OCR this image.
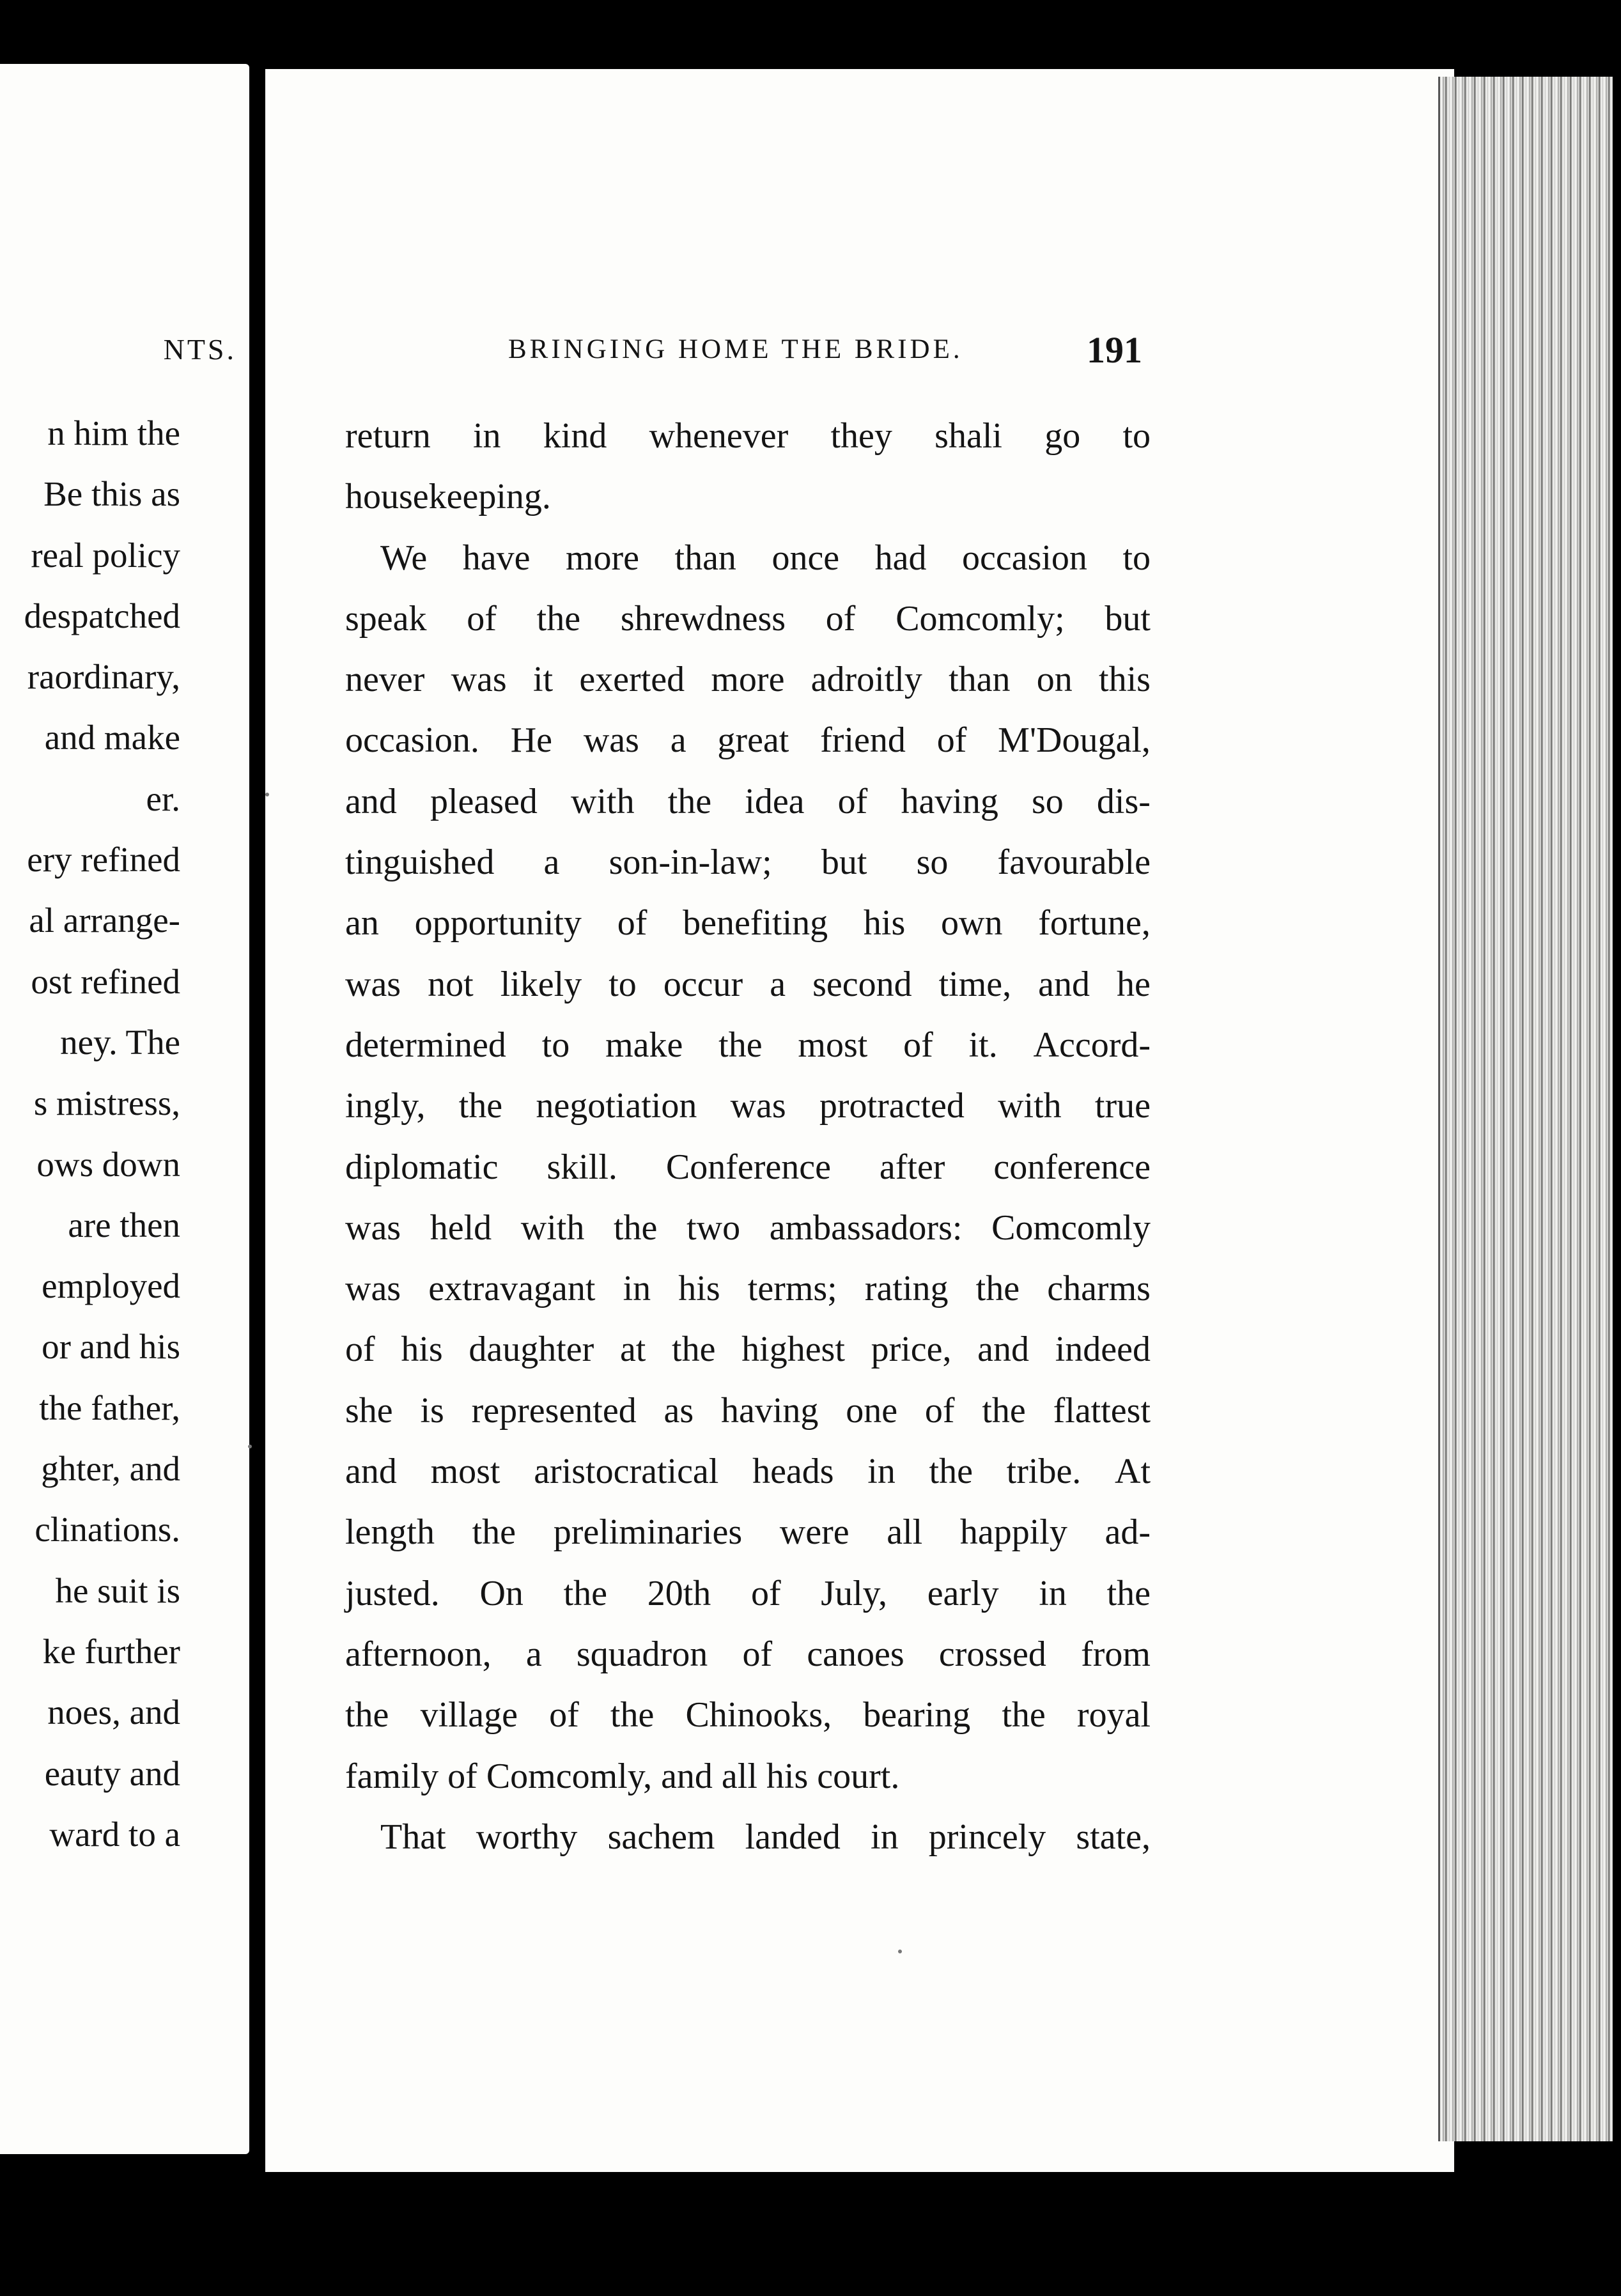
NTS.
n him the
Be this as
real policy
despatched
raordinary,
and make
er.
ery refined
al arrange-
ost refined
ney. The
s mistress,
ows down
are then
employed
or and his
the father,
ghter, and
clinations.
he suit is
ke further
noes, and
eauty and
ward to a
BRINGING HOME THE BRIDE.	191
return in kind whenever they shali go to
housekeeping.
We have more than once had occasion to
speak of the shrewdness of Comcomly; but
never was it exerted more adroitly than on this
occasion. He was a great friend of M'Dougal,
and pleased with the idea of having so dis-
tinguished a son-in-law; but so favourable
an opportunity of benefiting his own fortune,
was not likely to occur a second time, and he
determined to make the most of it. Accord-
ingly, the negotiation was protracted with true
diplomatic skill. Conference after conference
was held with the two ambassadors: Comcomly
was extravagant in his terms; rating the charms
of his daughter at the highest price, and indeed
she is represented as having one of the flattest
and most aristocratical heads in the tribe. At
length the preliminaries were all happily ad-
justed. On the 20th of July, early in the
afternoon, a squadron of canoes crossed from
the village of the Chinooks, bearing the royal
family of Comcomly, and all his court.
That worthy sachem landed in princely state,
